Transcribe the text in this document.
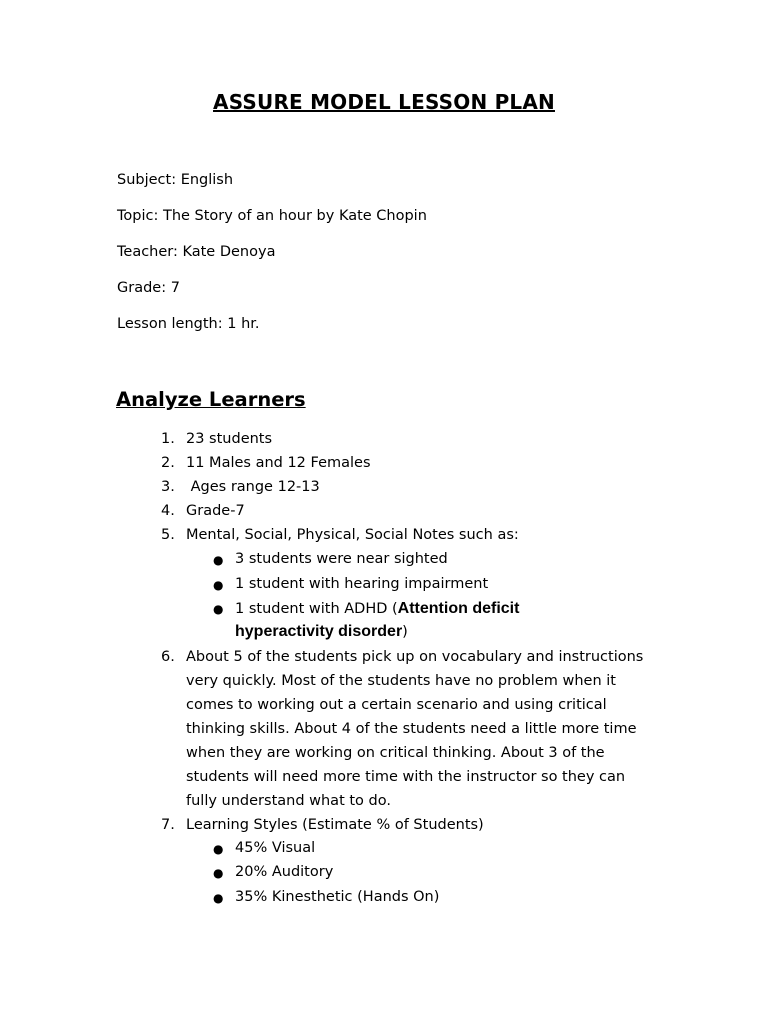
ASSURE MODEL LESSON PLAN
Subject: English
Topic: The Story of an hour by Kate Chopin
Teacher: Kate Denoya
Grade: 7
Lesson length: 1 hr.
Analyze Learners
1. 23 students
2. 11 Males and 12 Females
3. Ages range 12-13
4. Grade-7
5. Mental, Social, Physical, Social Notes such as:
● 3 students were near sighted
● 1 student with hearing impairment
● 1 student with ADHD (Attention deficit
hyperactivity disorder)
6. About 5 of the students pick up on vocabulary and instructions
very quickly. Most of the students have no problem when it
comes to working out a certain scenario and using critical
thinking skills. About 4 of the students need a little more time
when they are working on critical thinking. About 3 of the
students will need more time with the instructor so they can
fully understand what to do.
7. Learning Styles (Estimate % of Students)
● 45% Visual
● 20% Auditory
● 35% Kinesthetic (Hands On)
